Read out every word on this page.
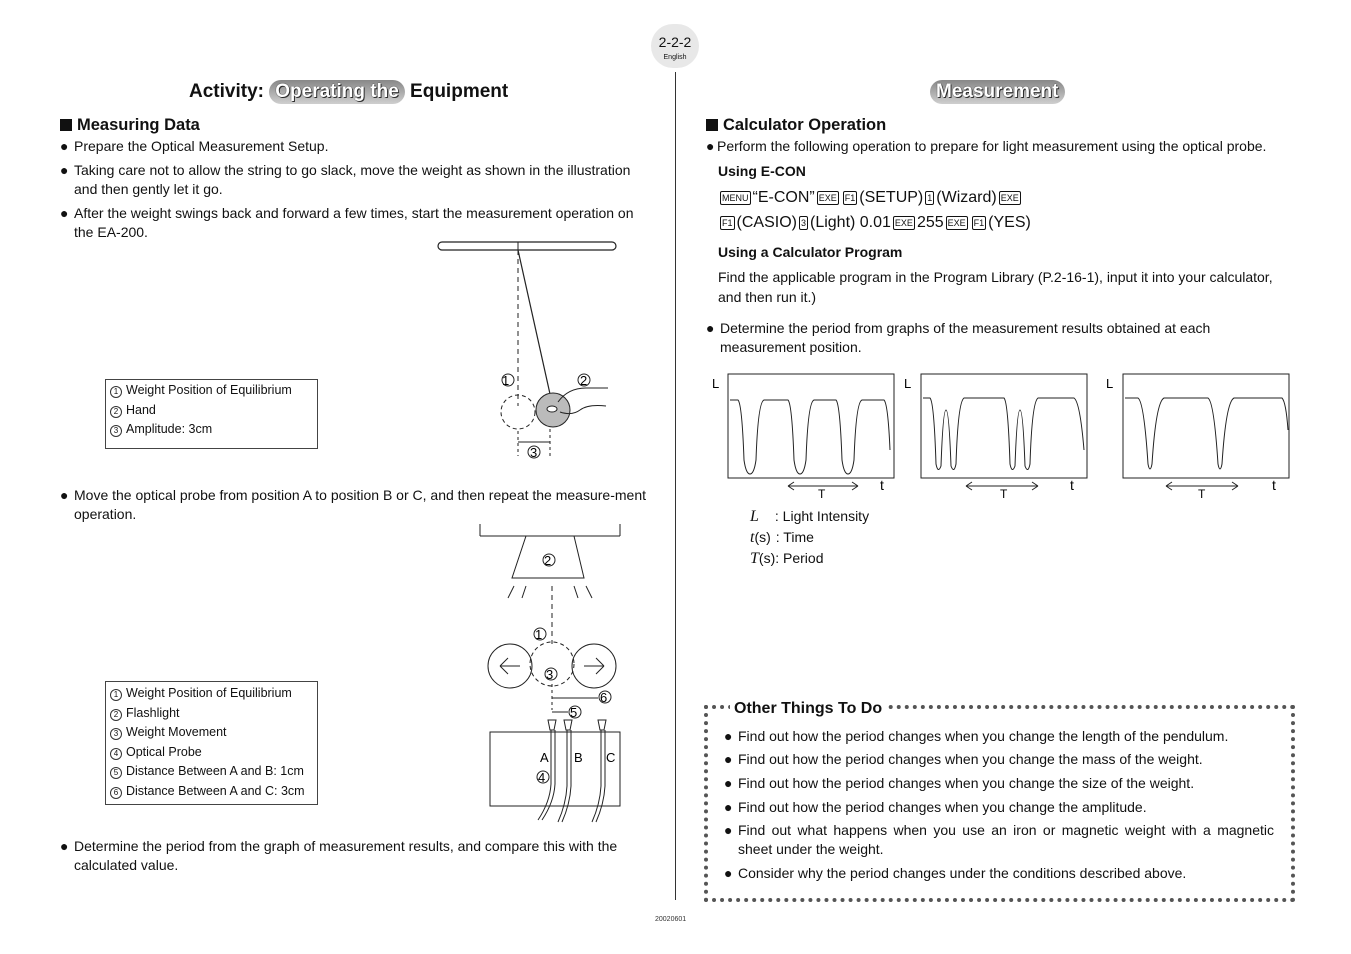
2-2-2
English
20020601
Activity: Operating the Equipment
Measuring Data
● Prepare the Optical Measurement Setup.
● Taking care not to allow the string to go slack, move the weight as shown in the illustration and then gently let it go.
● After the weight swings back and forward a few times, start the measurement operation on the EA-200.
1 Weight Position of Equilibrium
2 Hand
3 Amplitude: 3cm
1	2
3
● Move the optical probe from position A to position B or C, and then repeat the measure-ment operation.
1 Weight Position of Equilibrium
2 Flashlight
3 Weight Movement
4 Optical Probe
5 Distance Between A and B: 1cm
6 Distance Between A and C: 3cm
2
1
3
6
5
A B C
4
● Determine the period from the graph of measurement results, and compare this with the calculated value.
Measurement
Calculator Operation
● Perform the following operation to prepare for light measurement using the optical probe.
Using E-CON
MENU “E-CON” EXE F1 (SETUP) 1 (Wizard) EXE
F1 (CASIO) 3 (Light) 0.01 EXE 255 EXE F1 (YES)
Using a Calculator Program
Find the applicable program in the Program Library (P.2-16-1), input it into your calculator, and then run it.)
● Determine the period from graphs of the measurement results obtained at each measurement position.
L
T
t
L
T
t
L
T
t
L : Light Intensity
t(s) : Time
T(s): Period
Other Things To Do
● Find out how the period changes when you change the length of the pendulum.
● Find out how the period changes when you change the mass of the weight.
● Find out how the period changes when you change the size of the weight.
● Find out how the period changes when you change the amplitude.
● Find out what happens when you use an iron or magnetic weight with a magnetic sheet under the weight.
● Consider why the period changes under the conditions described above.
